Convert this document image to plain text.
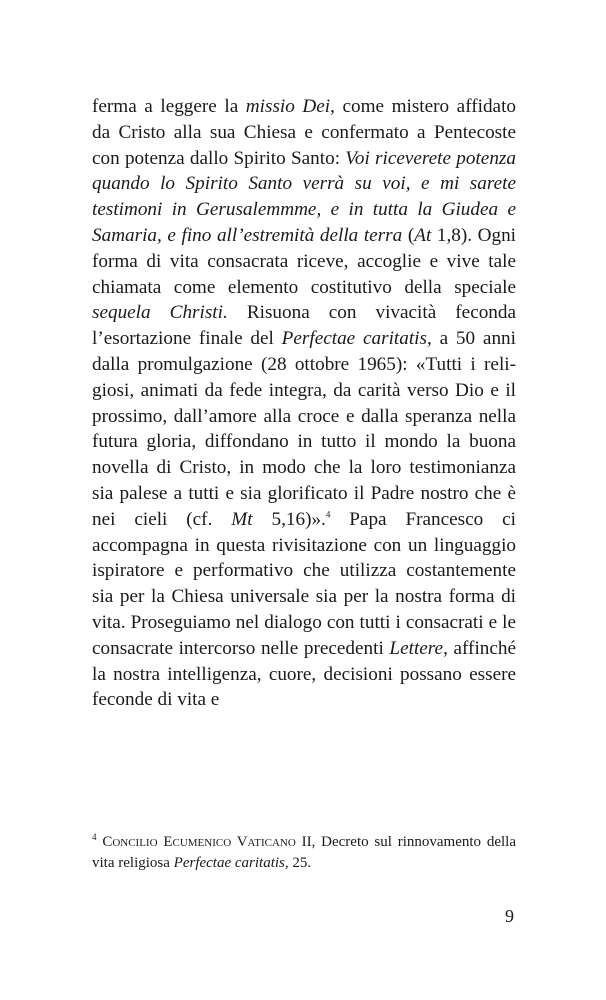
ferma a leggere la missio Dei, come mistero affidato da Cristo alla sua Chiesa e confermato a Pentecoste con potenza dallo Spirito Santo: Voi riceverete potenza quando lo Spirito Santo verrà su voi, e mi sarete testimoni in Gerusalemmme, e in tutta la Giudea e Samaria, e fino all’estremità della terra (At 1,8). Ogni forma di vita consacrata riceve, accoglie e vive tale chiamata come elemento costitutivo della speciale sequela Christi. Risuona con vivacità feconda l’esortazione finale del Perfectae caritatis, a 50 anni dalla promulgazione (28 ottobre 1965): «Tutti i religiosi, animati da fede integra, da carità verso Dio e il prossimo, dall’amore alla croce e dalla speranza nella futura gloria, diffondano in tutto il mondo la buona novella di Cristo, in modo che la loro testimonianza sia palese a tutti e sia glorificato il Padre nostro che è nei cieli (cf. Mt 5,16)».$^4$ Papa Francesco ci accompagna in questa rivisitazione con un linguaggio ispiratore e performativo che utilizza costantemente sia per la Chiesa universale sia per la nostra forma di vita. Proseguiamo nel dialogo con tutti i consacrati e le consacrate intercorso nelle precedenti Lettere, affinché la nostra intelligenza, cuore, decisioni possano essere feconde di vita e

$^4$ Concilio Ecumenico Vaticano II, Decreto sul rinnovamento della vita religiosa Perfectae caritatis, 25.

9
